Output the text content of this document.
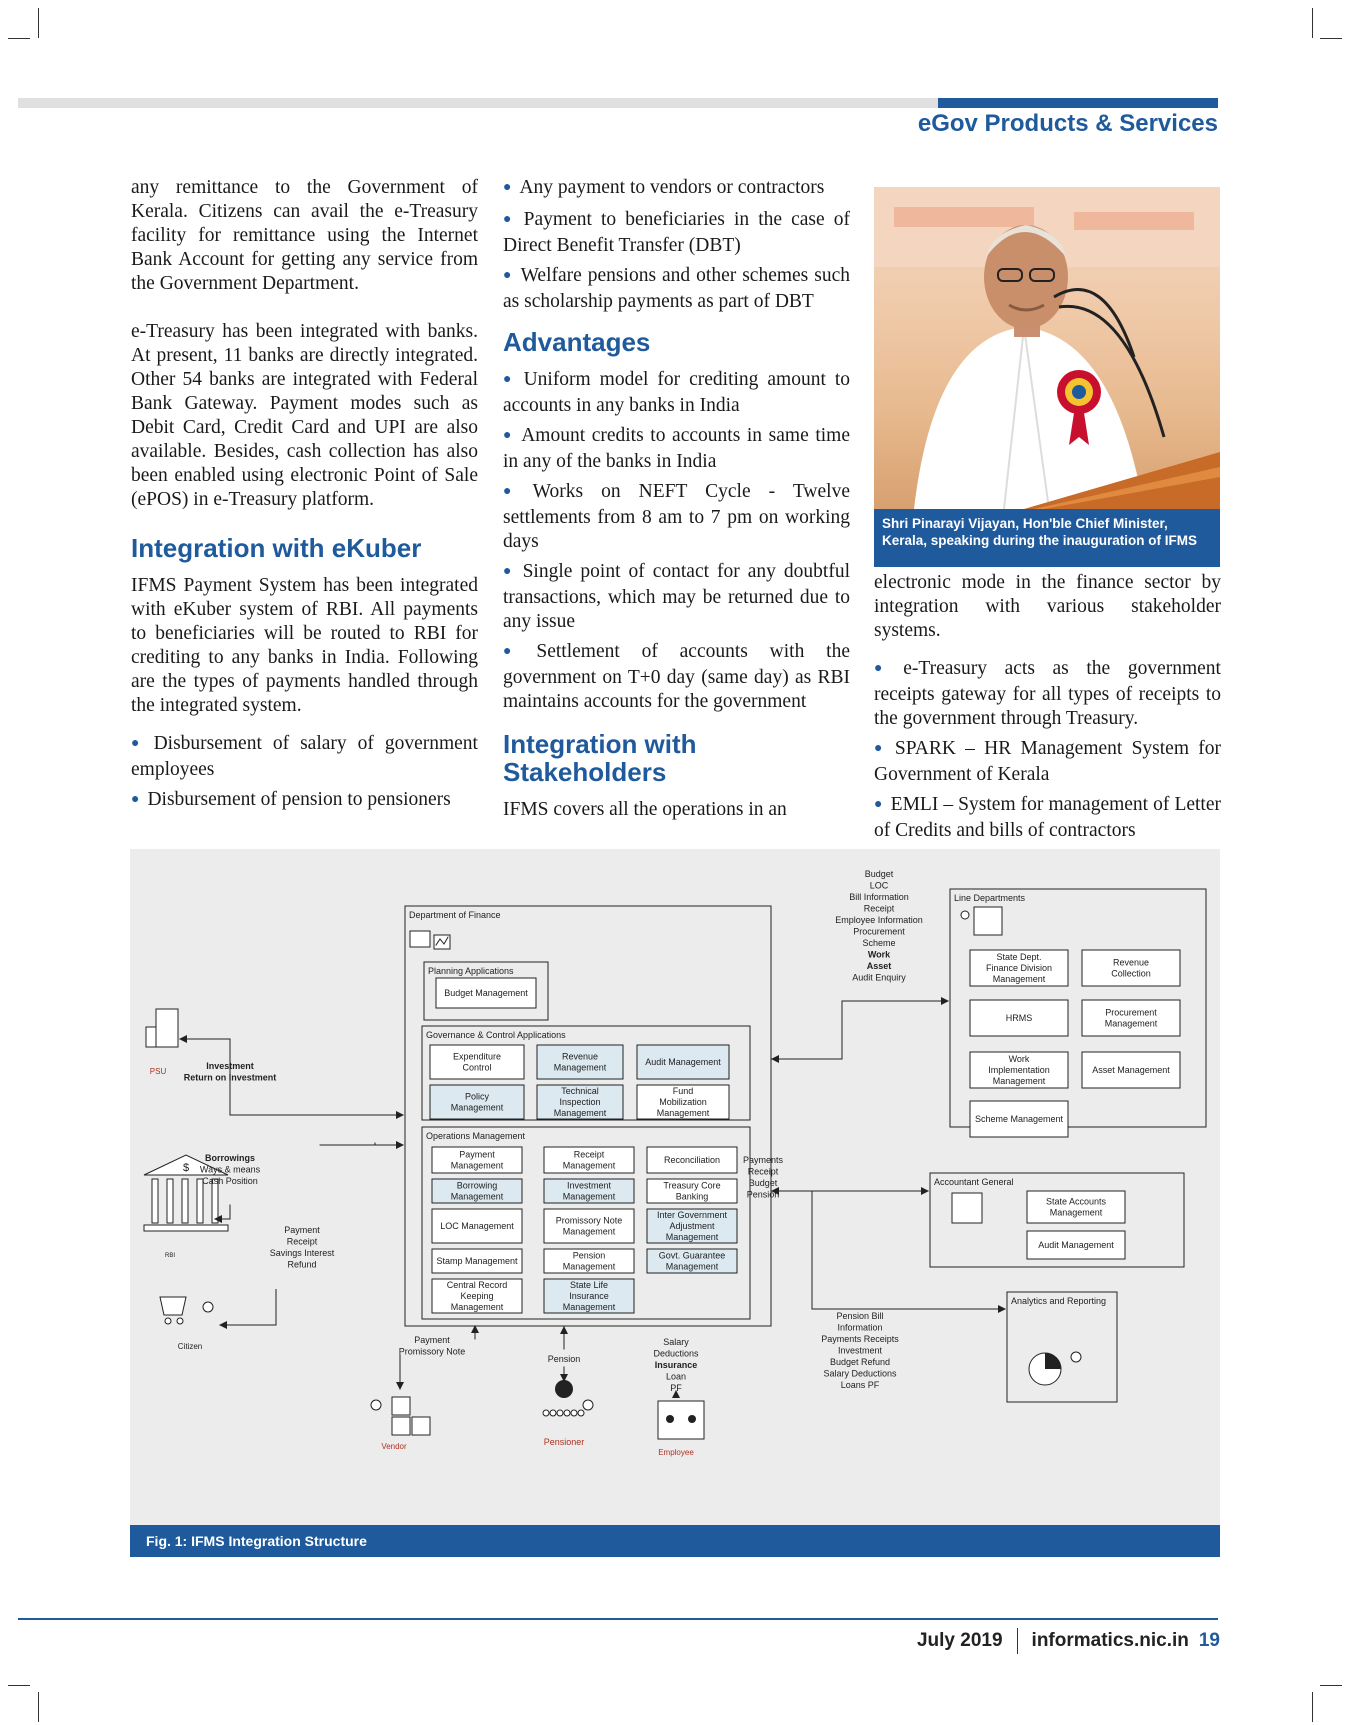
eGov Products & Services

any remittance to the Government of Kerala. Citizens can avail the e-Treasury facility for remittance using the Internet Bank Account for getting any service from the Government Department.

e-Treasury has been integrated with banks. At present, 11 banks are directly integrated. Other 54 banks are integrated with Federal Bank Gateway. Payment modes such as Debit Card, Credit Card and UPI are also available. Besides, cash collection has also been enabled using electronic Point of Sale (ePOS) in e-Treasury platform.

Integration with eKuber

IFMS Payment System has been integrated with eKuber system of RBI. All payments to beneficiaries will be routed to RBI for crediting to any banks in India. Following are the types of payments handled through the integrated system.

● Disbursement of salary of government employees
● Disbursement of pension to pensioners
● Any payment to vendors or contractors
● Payment to beneficiaries in the case of Direct Benefit Transfer (DBT)
● Welfare pensions and other schemes such as scholarship payments as part of DBT
Advantages
● Uniform model for crediting amount to accounts in any banks in India
● Amount credits to accounts in same time in any of the banks in India
● Works on NEFT Cycle - Twelve settlements from 8 am to 7 pm on working days
● Single point of contact for any doubtful transactions, which may be returned due to any issue
● Settlement of accounts with the government on T+0 day (same day) as RBI maintains accounts for the government
Integration with Stakeholders

IFMS covers all the operations in an

Shri Pinarayi Vijayan, Hon'ble Chief Minister, Kerala, speaking during the inauguration of IFMS

electronic mode in the finance sector by integration with various stakeholder systems.

● e-Treasury acts as the government receipts gateway for all types of receipts to the government through Treasury.
● SPARK – HR Management System for Government of Kerala
● EMLI – System for management of Letter of Credits and bills of contractors
Department of Finance
Planning Applications
Budget Management
Governance & Control Applications
Expenditure
Control
Revenue
Management
Audit Management
Policy
Management
Technical
Inspection
Management
Fund
Mobilization
Management
Operations Management
Payment
Management
Receipt
Management
Reconciliation
Borrowing
Management
Investment
Management
Treasury Core
Banking
LOC Management
Promissory Note
Management
Inter Government
Adjustment
Management
Stamp Management
Pension
Management
Govt. Guarantee
Management
Central Record
Keeping
Management
State Life
Insurance
Management
Line Departments
State Dept.
Finance Division
Management
Revenue
Collection
HRMS
Procurement
Management
Work
Implementation
Management
Asset Management
Scheme Management
Accountant General
State Accounts
Management
Audit Management
Analytics and Reporting
Budget
LOC
Bill Information
Receipt
Employee Information
Procurement
Scheme
Work
Asset
Audit Enquiry
PSU
Investment
Return on Investment
$
RBI
Borrowings
Ways & means
Cash Position
Citizen
Payment
Receipt
Savings Interest
Refund
Payments
Receipt
Budget
Pension
Pension Bill
Information
Payments Receipts
Investment
Budget Refund
Salary Deductions
Loans PF
Vendor
Payment
Promissory Note
Pensioner
Pension
Employee
Salary
Deductions
Insurance
Loan
PF
Fig. 1: IFMS Integration Structure
July 2019 informatics.nic.in 19
